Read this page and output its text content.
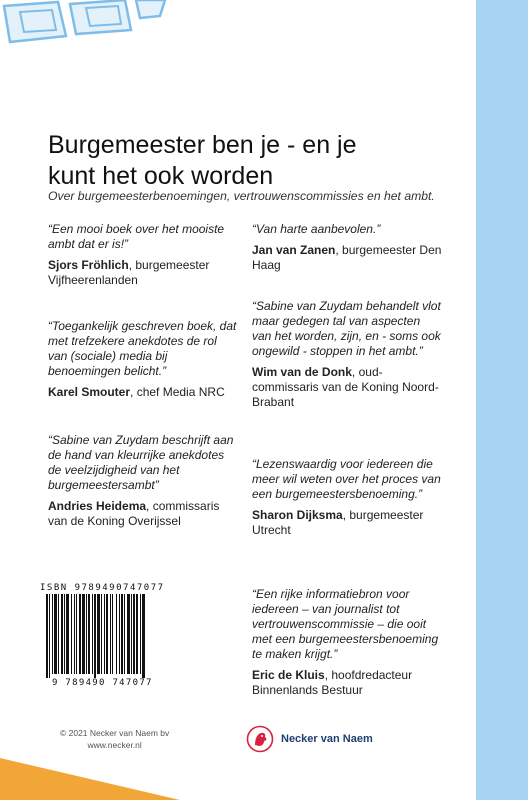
Burgemeester ben je - en je
kunt het ook worden
Over burgemeesterbenoemingen, vertrouwenscommissies en het ambt.
“Een mooi boek over het mooiste ambt dat er is!”
Sjors Fröhlich, burgemeester Vijfheerenlanden
“Toegankelijk geschreven boek, dat met trefzekere anekdotes de rol van (sociale) media bij benoemingen belicht.”
Karel Smouter, chef Media NRC
“Sabine van Zuydam beschrijft aan de hand van kleurrijke anekdotes de veelzijdigheid van het burgemeestersambt”
Andries Heidema, commissaris van de Koning Overijssel
“Van harte aanbevolen.”
Jan van Zanen, burgemeester Den Haag
“Sabine van Zuydam behandelt vlot maar gedegen tal van aspecten van het worden, zijn, en - soms ook ongewild - stoppen in het ambt.”
Wim van de Donk, oud-commissaris van de Koning Noord-Brabant
“Lezenswaardig voor iedereen die meer wil weten over het proces van een burgemeestersbenoeming.”
Sharon Dijksma, burgemeester Utrecht
“Een rijke informatiebron voor iedereen – van journalist tot vertrouwenscommissie – die ooit met een burgemeestersbenoeming te maken krijgt.”
Eric de Kluis, hoofdredacteur Binnenlands Bestuur
ISBN 9789490747077
9 789490 747077
© 2021 Necker van Naem bv
www.necker.nl	Necker van Naem
